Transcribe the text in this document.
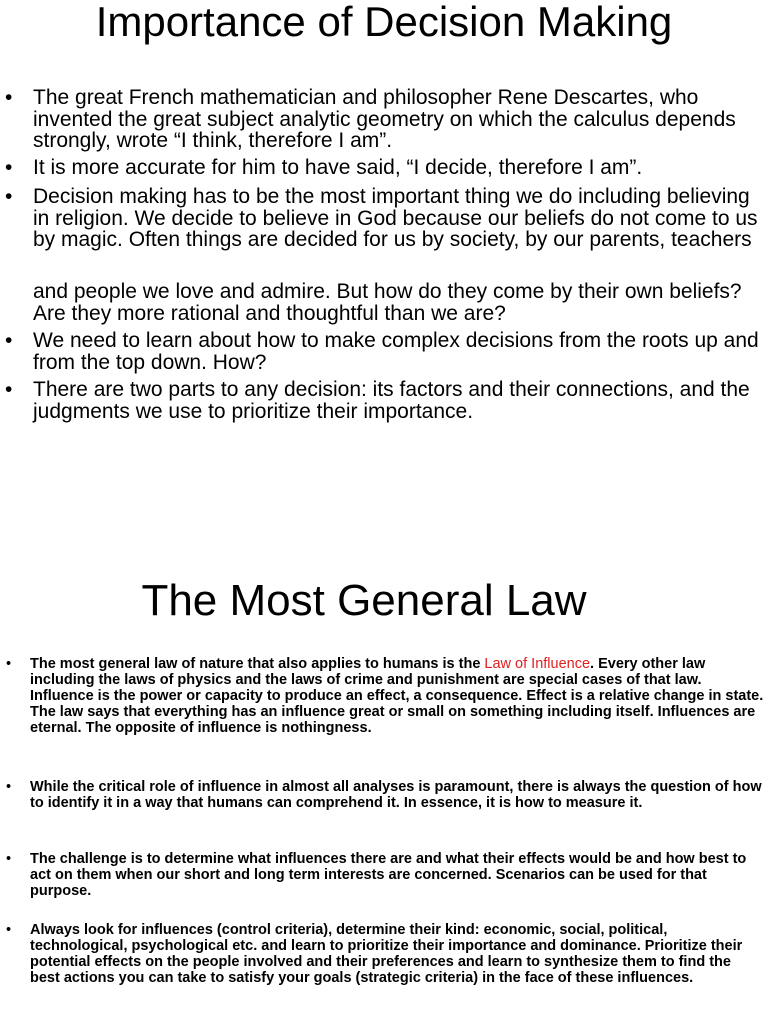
Importance of Decision Making
• The great French mathematician and philosopher Rene Descartes, who invented the great subject analytic geometry on which the calculus depends strongly, wrote “I think, therefore I am”.
• It is more accurate for him to have said, “I decide, therefore I am”.
• Decision making has to be the most important thing we do including believing in religion. We decide to believe in God because our beliefs do not come to us by magic. Often things are decided for us by society, by our parents, teachers
and people we love and admire. But how do they come by their own beliefs? Are they more rational and thoughtful than we are?
• We need to learn about how to make complex decisions from the roots up and from the top down. How?
• There are two parts to any decision: its factors and their connections, and the judgments we use to prioritize their importance.
The Most General Law
• The most general law of nature that also applies to humans is the Law of Influence. Every other law including the laws of physics and the laws of crime and punishment are special cases of that law. Influence is the power or capacity to produce an effect, a consequence. Effect is a relative change in state. The law says that everything has an influence great or small on something including itself. Influences are eternal. The opposite of influence is nothingness.
• While the critical role of influence in almost all analyses is paramount, there is always the question of how to identify it in a way that humans can comprehend it. In essence, it is how to measure it.
• The challenge is to determine what influences there are and what their effects would be and how best to act on them when our short and long term interests are concerned. Scenarios can be used for that purpose.
• Always look for influences (control criteria), determine their kind: economic, social, political, technological, psychological etc. and learn to prioritize their importance and dominance. Prioritize their potential effects on the people involved and their preferences and learn to synthesize them to find the best actions you can take to satisfy your goals (strategic criteria) in the face of these influences.
